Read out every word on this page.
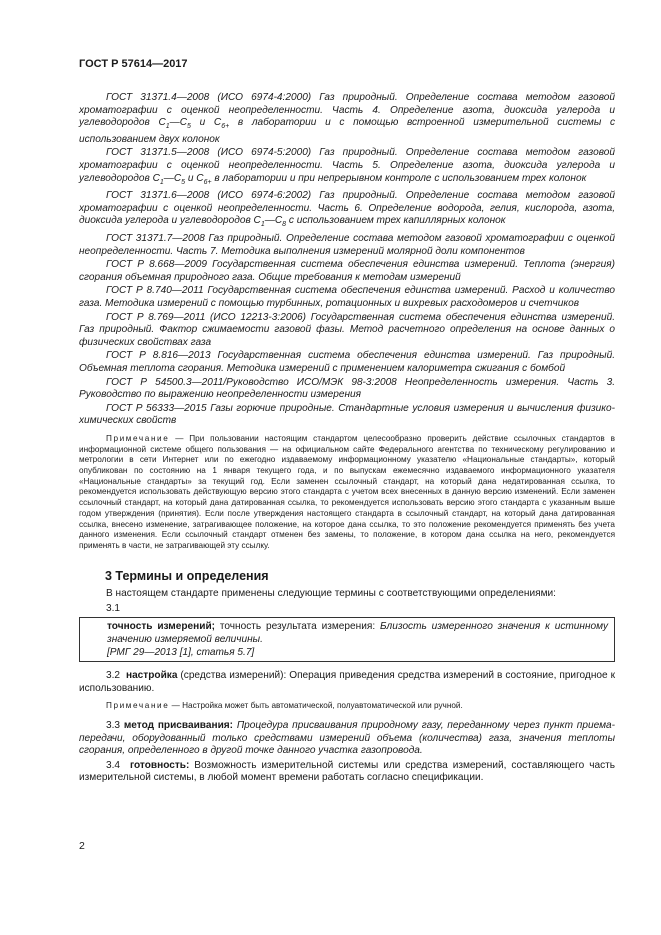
ГОСТ Р 57614—2017

ГОСТ 31371.4—2008 (ИСО 6974-4:2000) Газ природный. Определение состава методом газовой хроматографии с оценкой неопределенности. Часть 4. Определение азота, диоксида углерода и углеводородов $C_1—C_5$ и $C_{6+}$ в лаборатории и с помощью встроенной измерительной системы с использованием двух колонок

ГОСТ 31371.5—2008 (ИСО 6974-5:2000) Газ природный. Определение состава методом газовой хроматографии с оценкой неопределенности. Часть 5. Определение азота, диоксида углерода и углеводородов $C_1—C_5$ и $C_{6+}$ в лаборатории и при непрерывном контроле с использованием трех колонок

ГОСТ 31371.6—2008 (ИСО 6974-6:2002) Газ природный. Определение состава методом газовой хроматографии с оценкой неопределенности. Часть 6. Определение водорода, гелия, кислорода, азота, диоксида углерода и углеводородов $C_1—C_8$ с использованием трех капиллярных колонок

ГОСТ 31371.7—2008 Газ природный. Определение состава методом газовой хроматографии с оценкой неопределенности. Часть 7. Методика выполнения измерений молярной доли компонентов

ГОСТ Р 8.668—2009 Государственная система обеспечения единства измерений. Теплота (энергия) сгорания объемная природного газа. Общие требования к методам измерений

ГОСТ Р 8.740—2011 Государственная система обеспечения единства измерений. Расход и количество газа. Методика измерений с помощью турбинных, ротационных и вихревых расходомеров и счетчиков

ГОСТ Р 8.769—2011 (ИСО 12213-3:2006) Государственная система обеспечения единства измерений. Газ природный. Фактор сжимаемости газовой фазы. Метод расчетного определения на основе данных о физических свойствах газа

ГОСТ Р 8.816—2013 Государственная система обеспечения единства измерений. Газ природный. Объемная теплота сгорания. Методика измерений с применением калориметра сжигания с бомбой

ГОСТ Р 54500.3—2011/Руководство ИСО/МЭК 98-3:2008 Неопределенность измерения. Часть 3. Руководство по выражению неопределенности измерения

ГОСТ Р 56333—2015 Газы горючие природные. Стандартные условия измерения и вычисления физико-химических свойств

Примечание — При пользовании настоящим стандартом целесообразно проверить действие ссылочных стандартов в информационной системе общего пользования — на официальном сайте Федерального агентства по техническому регулированию и метрологии в сети Интернет или по ежегодно издаваемому информационному указателю «Национальные стандарты», который опубликован по состоянию на 1 января текущего года, и по выпускам ежемесячно издаваемого информационного указателя «Национальные стандарты» за текущий год. Если заменен ссылочный стандарт, на который дана недатированная ссылка, то рекомендуется использовать действующую версию этого стандарта с учетом всех внесенных в данную версию изменений. Если заменен ссылочный стандарт, на который дана датированная ссылка, то рекомендуется использовать версию этого стандарта с указанным выше годом утверждения (принятия). Если после утверждения настоящего стандарта в ссылочный стандарт, на который дана датированная ссылка, внесено изменение, затрагивающее положение, на которое дана ссылка, то это положение рекомендуется применять без учета данного изменения. Если ссылочный стандарт отменен без замены, то положение, в котором дана ссылка на него, рекомендуется применять в части, не затрагивающей эту ссылку.

3 Термины и определения

В настоящем стандарте применены следующие термины с соответствующими определениями:

3.1
точность измерений; точность результата измерения: Близость измеренного значения к истинному значению измеряемой величины.
[РМГ 29—2013 [1], статья 5.7]

3.2 настройка (средства измерений): Операция приведения средства измерений в состояние, пригодное к использованию.

Примечание — Настройка может быть автоматической, полуавтоматической или ручной.

3.3 метод присваивания: Процедура присваивания природному газу, переданному через пункт приема-передачи, оборудованный только средствами измерений объема (количества) газа, значения теплоты сгорания, определенного в другой точке данного участка газопровода.

3.4 готовность: Возможность измерительной системы или средства измерений, составляющего часть измерительной системы, в любой момент времени работать согласно спецификации.

2
